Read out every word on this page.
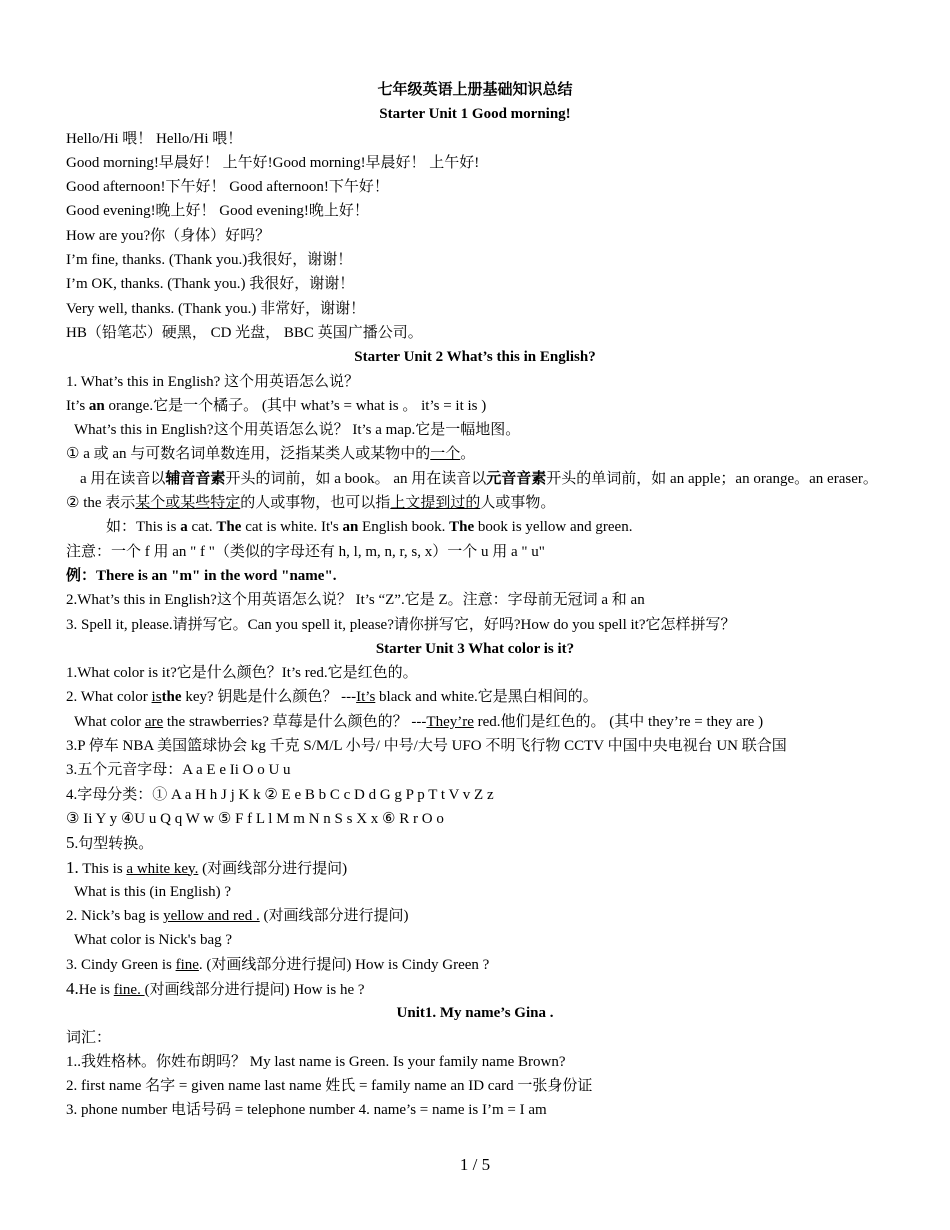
七年级英语上册基础知识总结
Starter Unit 1 Good morning!
Hello/Hi 喂！ Hello/Hi 喂！
Good morning!早晨好！ 上午好!Good morning!早晨好！ 上午好!
Good afternoon!下午好！ Good afternoon!下午好！
Good evening!晚上好！ Good evening!晚上好！
How are you?你（身体）好吗？
I’m fine, thanks. (Thank you.)我很好，谢谢！
I’m OK, thanks. (Thank you.) 我很好，谢谢！
Very well, thanks. (Thank you.) 非常好，谢谢！
HB（铅笔芯）硬黑， CD 光盘， BBC 英国广播公司。
Starter Unit 2 What’s this in English?
1. What’s this in English? 这个用英语怎么说？
It’s an orange.它是一个橘子。 (其中 what’s = what is 。 it’s = it is )
What’s this in English?这个用英语怎么说？ It’s a map.它是一幅地图。
① a 或 an 与可数名词单数连用，泛指某类人或某物中的一个。
a 用在读音以辅音音素开头的词前，如 a book。 an 用在读音以元音音素开头的单词前，如 an apple；an orange。an eraser。
② the 表示某个或某些特定的人或事物，也可以指上文提到过的人或事物。
如：This is a cat. The cat is white. It's an English book. The book is yellow and green.
注意：一个 f 用 an " f "（类似的字母还有 h, l, m, n, r, s, x）一个 u 用 a " u"
例：There is an "m" in the word "name".
2.What’s this in English?这个用英语怎么说？ It’s “Z”.它是 Z。注意：字母前无冠词 a 和 an
3. Spell it, please.请拼写它。Can you spell it, please?请你拼写它，好吗?How do you spell it?它怎样拼写？
Starter Unit 3 What color is it?
1.What color is it?它是什么颜色？It’s red.它是红色的。
2. What color isthe key? 钥匙是什么颜色？ ---It’s black and white.它是黑白相间的。
What color are the strawberries? 草莓是什么颜色的？ ---They’re red.他们是红色的。 (其中 they’re = they are )
3.P 停车 NBA 美国篮球协会 kg 千克 S/M/L 小号/ 中号/大号 UFO 不明飞行物 CCTV 中国中央电视台 UN 联合国
3.五个元音字母：A a E e Ii O o U u
4.字母分类：① A a H h J j K k ② E e B b C c D d G g P p T t V v Z z
③ Ii Y y ④U u Q q W w ⑤ F f L l M m N n S s X x ⑥ R r O o
5.句型转换。
1. This is a white key. (对画线部分进行提问)
What is this (in English) ?
2. Nick’s bag is yellow and red . (对画线部分进行提问)
What color is Nick's bag ?
3. Cindy Green is fine. (对画线部分进行提问) How is Cindy Green ?
4.He is fine. (对画线部分进行提问) How is he ?
Unit1. My name’s Gina .
词汇：
1..我姓格林。你姓布朗吗？ My last name is Green. Is your family name Brown?
2. first name 名字 = given name last name 姓氏 = family name an ID card 一张身份证
3. phone number 电话号码 = telephone number 4. name’s = name is I’m = I am
1 / 5
